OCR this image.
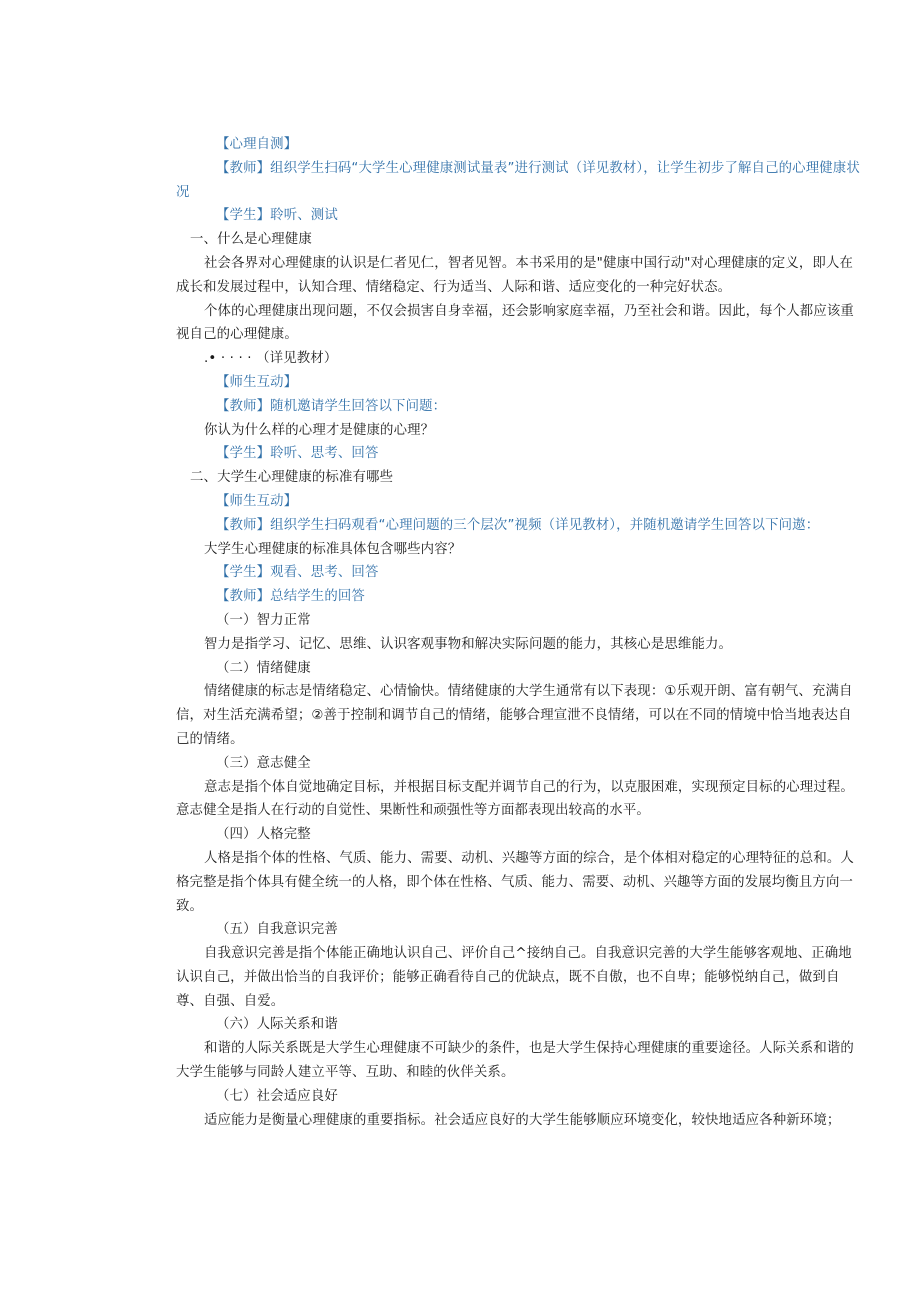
【心理自测】

【教师】组织学生扫码“大学生心理健康测试量表”进行测试（详见教材），让学生初步了解自己的心理健康状况

【学生】聆听、测试

一、什么是心理健康

社会各界对心理健康的认识是仁者见仁，智者见智。本书采用的是"健康中国行动"对心理健康的定义，即人在成长和发展过程中，认知合理、情绪稳定、行为适当、人际和谐、适应变化的一种完好状态。

个体的心理健康出现问题，不仅会损害自身幸福，还会影响家庭幸福，乃至社会和谐。因此，每个人都应该重视自己的心理健康。

.• · · · · （详见教材）

【师生互动】

【教师】随机邀请学生回答以下问题：

你认为什么样的心理才是健康的心理？

【学生】聆听、思考、回答

二、大学生心理健康的标准有哪些

【师生互动】

【教师】组织学生扫码观看“心理问题的三个层次”视频（详见教材），并随机邀请学生回答以下问遨：

大学生心理健康的标准具体包含哪些内容？

【学生】观看、思考、回答

【教师】总结学生的回答

（一）智力正常

智力是指学习、记忆、思维、认识客观事物和解决实际问题的能力，其核心是思维能力。

（二）情绪健康

情绪健康的标志是情绪稳定、心情愉快。情绪健康的大学生通常有以下表现：①乐观开朗、富有朝气、充满自信，对生活充满希望；②善于控制和调节自己的情绪，能够合理宣泄不良情绪，可以在不同的情境中恰当地表达自己的情绪。

（三）意志健全

意志是指个体自觉地确定目标，并根据目标支配并调节自己的行为，以克服困难，实现预定目标的心理过程。意志健全是指人在行动的自觉性、果断性和顽强性等方面都表现出较高的水平。

（四）人格完整

人格是指个体的性格、气质、能力、需要、动机、兴趣等方面的综合，是个体相对稳定的心理特征的总和。人格完整是指个体具有健全统一的人格，即个体在性格、气质、能力、需要、动机、兴趣等方面的发展均衡且方向一致。

（五）自我意识完善

自我意识完善是指个体能正确地认识自己、评价自己^接纳自己。自我意识完善的大学生能够客观地、正确地认识自己，并做出恰当的自我评价；能够正确看待自己的优缺点，既不自傲，也不自卑；能够悦纳自己，做到自尊、自强、自爱。

（六）人际关系和谐

和谐的人际关系既是大学生心理健康不可缺少的条件，也是大学生保持心理健康的重要途径。人际关系和谐的大学生能够与同龄人建立平等、互助、和睦的伙伴关系。

（七）社会适应良好

适应能力是衡量心理健康的重要指标。社会适应良好的大学生能够顺应环境变化，较快地适应各种新环境；
